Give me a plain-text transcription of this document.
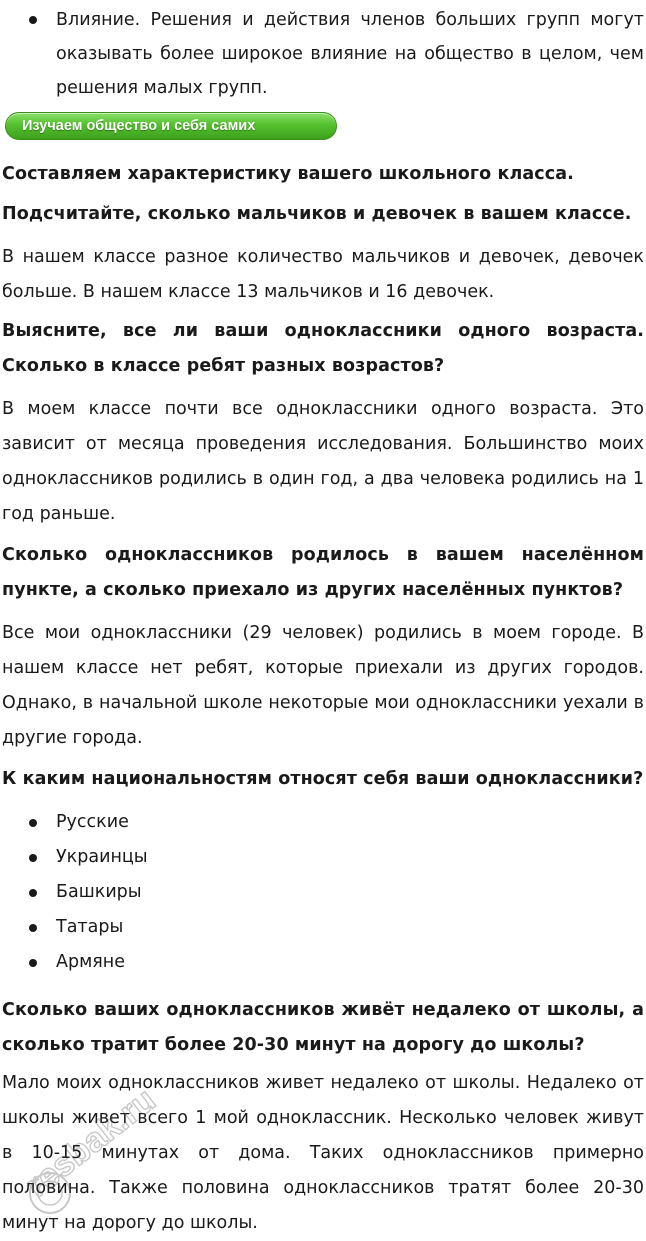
Влияние. Решения и действия членов больших групп могут оказывать более широкое влияние на общество в целом, чем решения малых групп.

Изучаем общество и себя самих

Составляем характеристику вашего школьного класса.

Подсчитайте, сколько мальчиков и девочек в вашем классе.

В нашем классе разное количество мальчиков и девочек, девочек больше. В нашем классе 13 мальчиков и 16 девочек.

Выясните, все ли ваши одноклассники одного возраста. Сколько в классе ребят разных возрастов?

В моем классе почти все одноклассники одного возраста. Это зависит от месяца проведения исследования. Большинство моих одноклассников родились в один год, а два человека родились на 1 год раньше.

Сколько одноклассников родилось в вашем населённом пункте, а сколько приехало из других населённых пунктов?

Все мои одноклассники (29 человек) родились в моем городе. В нашем классе нет ребят, которые приехали из других городов. Однако, в начальной школе некоторые мои одноклассники уехали в другие города.

К каким национальностям относят себя ваши одноклассники?

Русские
Украинцы
Башкиры
Татары
Армяне

Сколько ваших одноклассников живёт недалеко от школы, а сколько тратит более 20-30 минут на дорогу до школы?

Мало моих одноклассников живет недалеко от школы. Недалеко от школы живет всего 1 мой одноклассник. Несколько человек живут в 10-15 минутах от дома. Таких одноклассников примерно половина. Также половина одноклассников тратят более 20-30 минут на дорогу до школы.

resbak.ru
